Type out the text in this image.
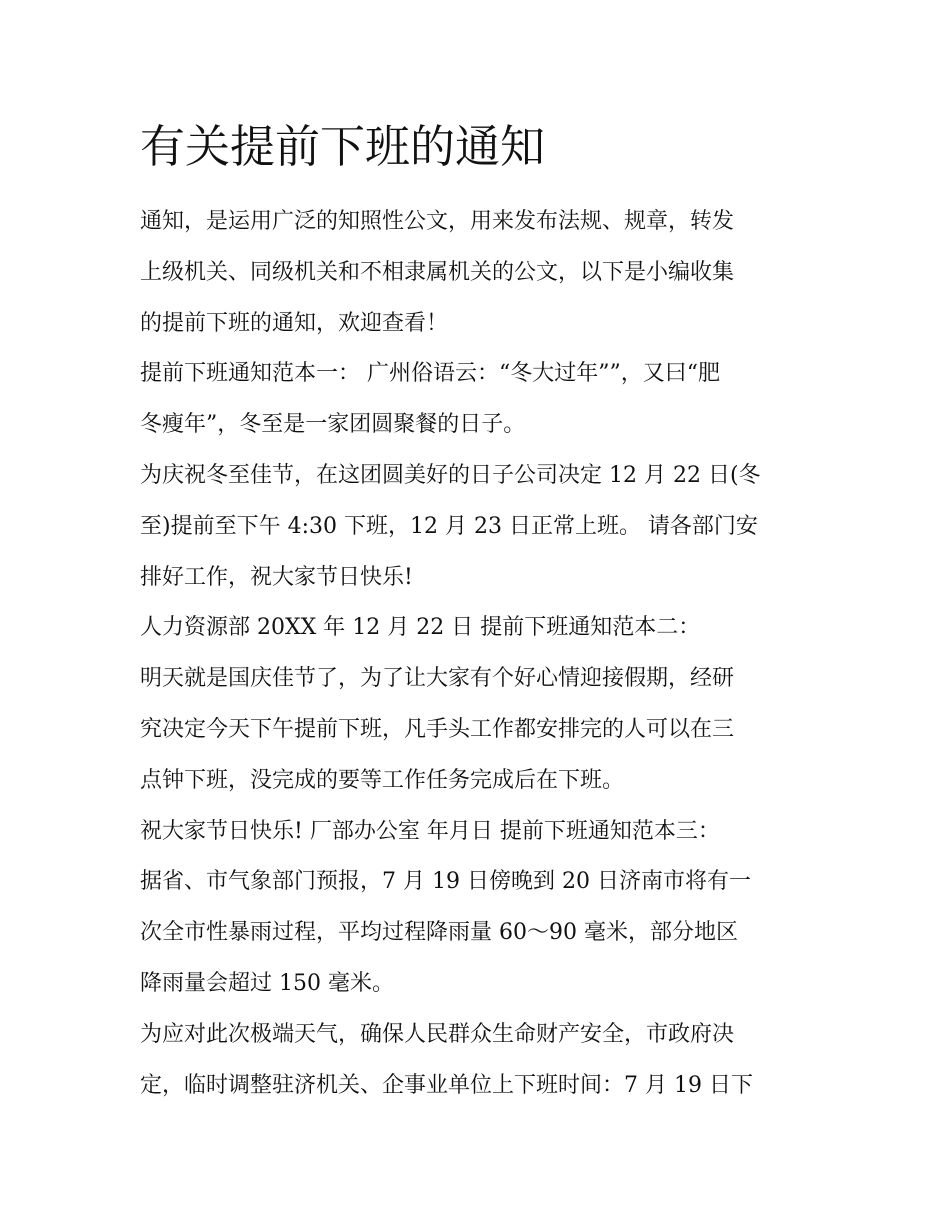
有关提前下班的通知
通知，是运用广泛的知照性公文，用来发布法规、规章，转发
上级机关、同级机关和不相隶属机关的公文，以下是小编收集
的提前下班的通知，欢迎查看！
提前下班通知范本一： 广州俗语云：“冬大过年””，又曰“肥
冬瘦年”，冬至是一家团圆聚餐的日子。
为庆祝冬至佳节，在这团圆美好的日子公司决定 12 月 22 日(冬
至)提前至下午 4:30 下班，12 月 23 日正常上班。 请各部门安
排好工作，祝大家节日快乐!
人力资源部 20XX 年 12 月 22 日 提前下班通知范本二：
明天就是国庆佳节了，为了让大家有个好心情迎接假期，经研
究决定今天下午提前下班，凡手头工作都安排完的人可以在三
点钟下班，没完成的要等工作任务完成后在下班。
祝大家节日快乐! 厂部办公室 年月日 提前下班通知范本三：
据省、市气象部门预报，7 月 19 日傍晚到 20 日济南市将有一
次全市性暴雨过程，平均过程降雨量 60～90 毫米，部分地区
降雨量会超过 150 毫米。
为应对此次极端天气，确保人民群众生命财产安全，市政府决
定，临时调整驻济机关、企事业单位上下班时间：7 月 19 日下
